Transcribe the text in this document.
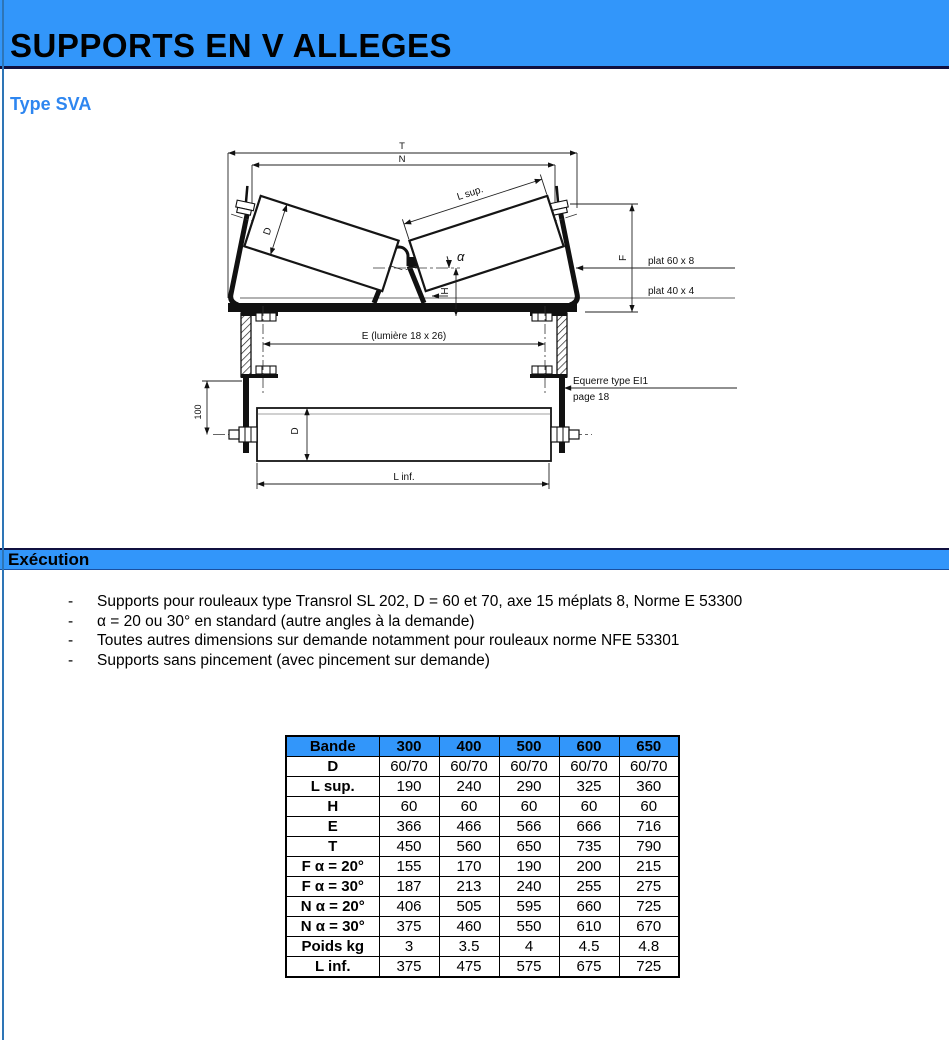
SUPPORTS EN V ALLEGES
Type SVA
T
N
D
L sup.
α
H
F plat 60 x 8
plat 40 x 4
E (lumière 18 x 26)
Equerre type EI1
page 18
100
D
L inf.
Exécution
-	Supports pour rouleaux type Transrol SL 202, D = 60 et 70, axe 15 méplats 8, Norme E 53300
-	α = 20 ou 30° en standard (autre angles à la demande)
-	Toutes autres dimensions sur demande notamment pour rouleaux norme NFE 53301
-	Supports sans pincement (avec pincement sur demande)
Bande	300	400	500	600	650
D	60/70	60/70	60/70	60/70	60/70
L sup.	190	240	290	325	360
H	60	60	60	60	60
E	366	466	566	666	716
T	450	560	650	735	790
F α = 20°	155	170	190	200	215
F α = 30°	187	213	240	255	275
N α = 20°	406	505	595	660	725
N α = 30°	375	460	550	610	670
Poids kg	3	3.5	4	4.5	4.8
L inf.	375	475	575	675	725
